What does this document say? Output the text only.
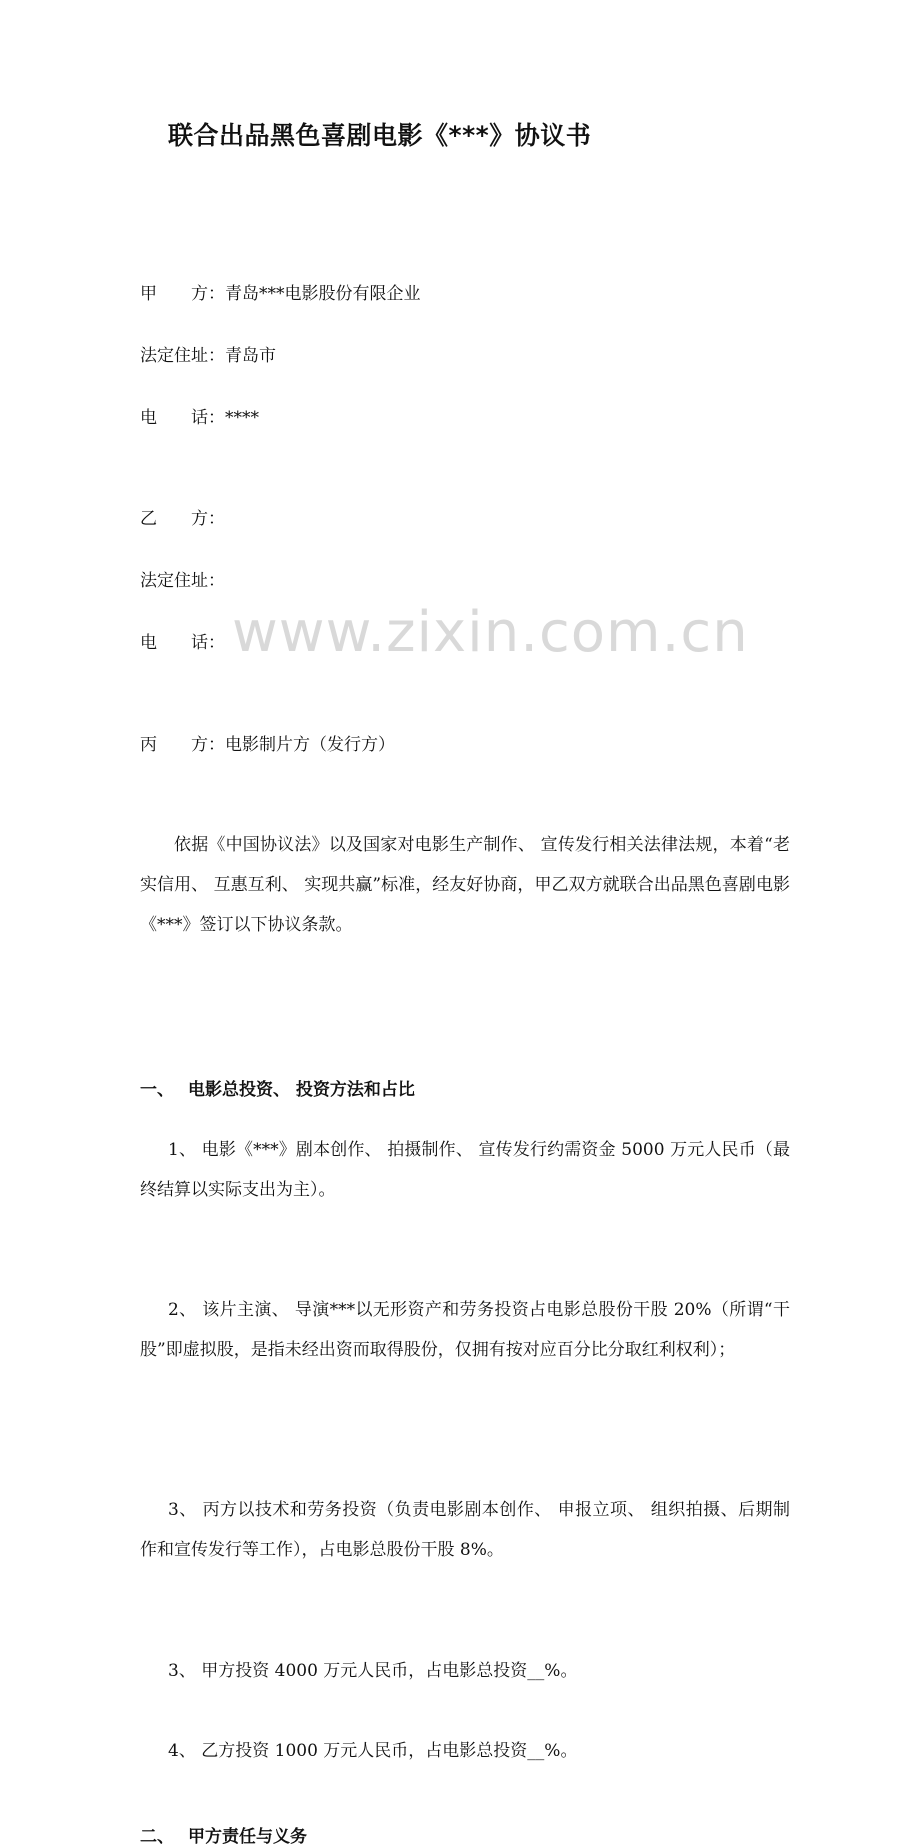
www.zixin.com.cn
联合出品黑色喜剧电影《***》协议书
甲　　方：青岛***电影股份有限企业
法定住址：青岛市
电　　话：****
乙　　方：
法定住址：
电　　话：
丙　　方：电影制片方（发行方）
依据《中国协议法》以及国家对电影生产制作、 宣传发行相关法律法规，本着“老实信用、 互惠互利、 实现共赢”标准，经友好协商，甲乙双方就联合出品黑色喜剧电影《***》签订以下协议条款。
一、 电影总投资、 投资方法和占比
1、 电影《***》剧本创作、 拍摄制作、 宣传发行约需资金 5000 万元人民币（最终结算以实际支出为主）。
2、 该片主演、 导演***以无形资产和劳务投资占电影总股份干股 20%（所谓“干股”即虚拟股，是指未经出资而取得股份，仅拥有按对应百分比分取红利权利）；
3、 丙方以技术和劳务投资（负责电影剧本创作、 申报立项、 组织拍摄、后期制作和宣传发行等工作），占电影总股份干股 8%。
3、 甲方投资 4000 万元人民币，占电影总投资__%。
4、 乙方投资 1000 万元人民币，占电影总投资__%。
二、 甲方责任与义务
